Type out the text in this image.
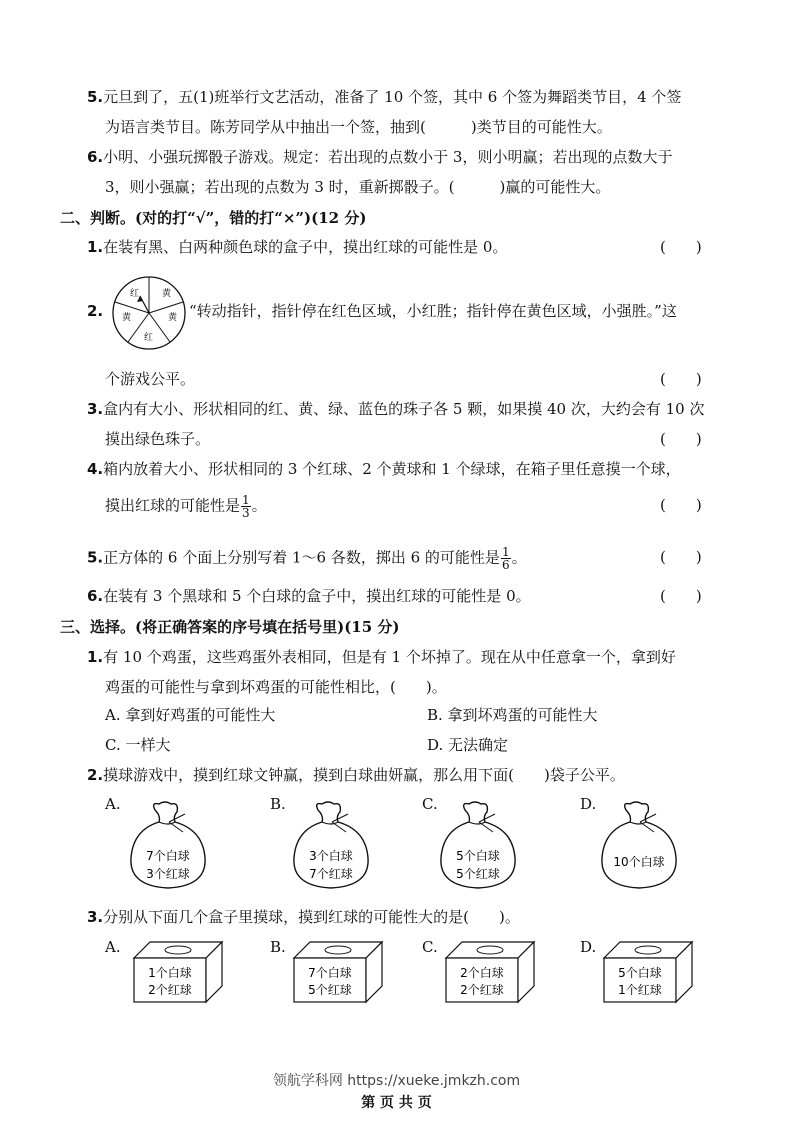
5.元旦到了，五(1)班举行文艺活动，准备了 10 个签，其中 6 个签为舞蹈类节目，4 个签
为语言类节目。陈芳同学从中抽出一个签，抽到(　　　)类节目的可能性大。
6.小明、小强玩掷骰子游戏。规定：若出现的点数小于 3，则小明赢；若出现的点数大于
3，则小强赢；若出现的点数为 3 时，重新掷骰子。(　　　)赢的可能性大。
二、判断。(对的打“√”，错的打“×”)(12 分)
1.在装有黑、白两种颜色球的盒子中，摸出红球的可能性是 0。	(　　)
2.
红	黄
黄
红
黄 “转动指针，指针停在红色区域，小红胜；指针停在黄色区域，小强胜。”这
个游戏公平。	(　　)
3.盒内有大小、形状相同的红、黄、绿、蓝色的珠子各 5 颗，如果摸 40 次，大约会有 10 次
摸出绿色珠子。	(　　)
4.箱内放着大小、形状相同的 3 个红球、2 个黄球和 1 个绿球，在箱子里任意摸一个球，
摸出红球的可能性是 $\frac{1}{3}$ 。	(　　)
5.正方体的 6 个面上分别写着 1～6 各数，掷出 6 的可能性是 $\frac{1}{6}$ 。	(　　)
6.在装有 3 个黑球和 5 个白球的盒子中，摸出红球的可能性是 0。	(　　)
三、选择。(将正确答案的序号填在括号里)(15 分)
1.有 10 个鸡蛋，这些鸡蛋外表相同，但是有 1 个坏掉了。现在从中任意拿一个，拿到好
鸡蛋的可能性与拿到坏鸡蛋的可能性相比，(　　)。
A. 拿到好鸡蛋的可能性大	B. 拿到坏鸡蛋的可能性大
C. 一样大	D. 无法确定
2.摸球游戏中，摸到红球文钟赢，摸到白球曲妍赢，那么用下面(　　)袋子公平。
A.
7个白球
3个红球
B.
3个白球
7个红球
C.
5个白球
5个红球
D.
10个白球
3.分别从下面几个盒子里摸球，摸到红球的可能性大的是(　　)。
A.
1个白球
2个红球
B.
7个白球
5个红球
C.
2个白球
2个红球
D.
5个白球
1个红球
领航学科网 https://xueke.jmkzh.com
第 页 共 页
